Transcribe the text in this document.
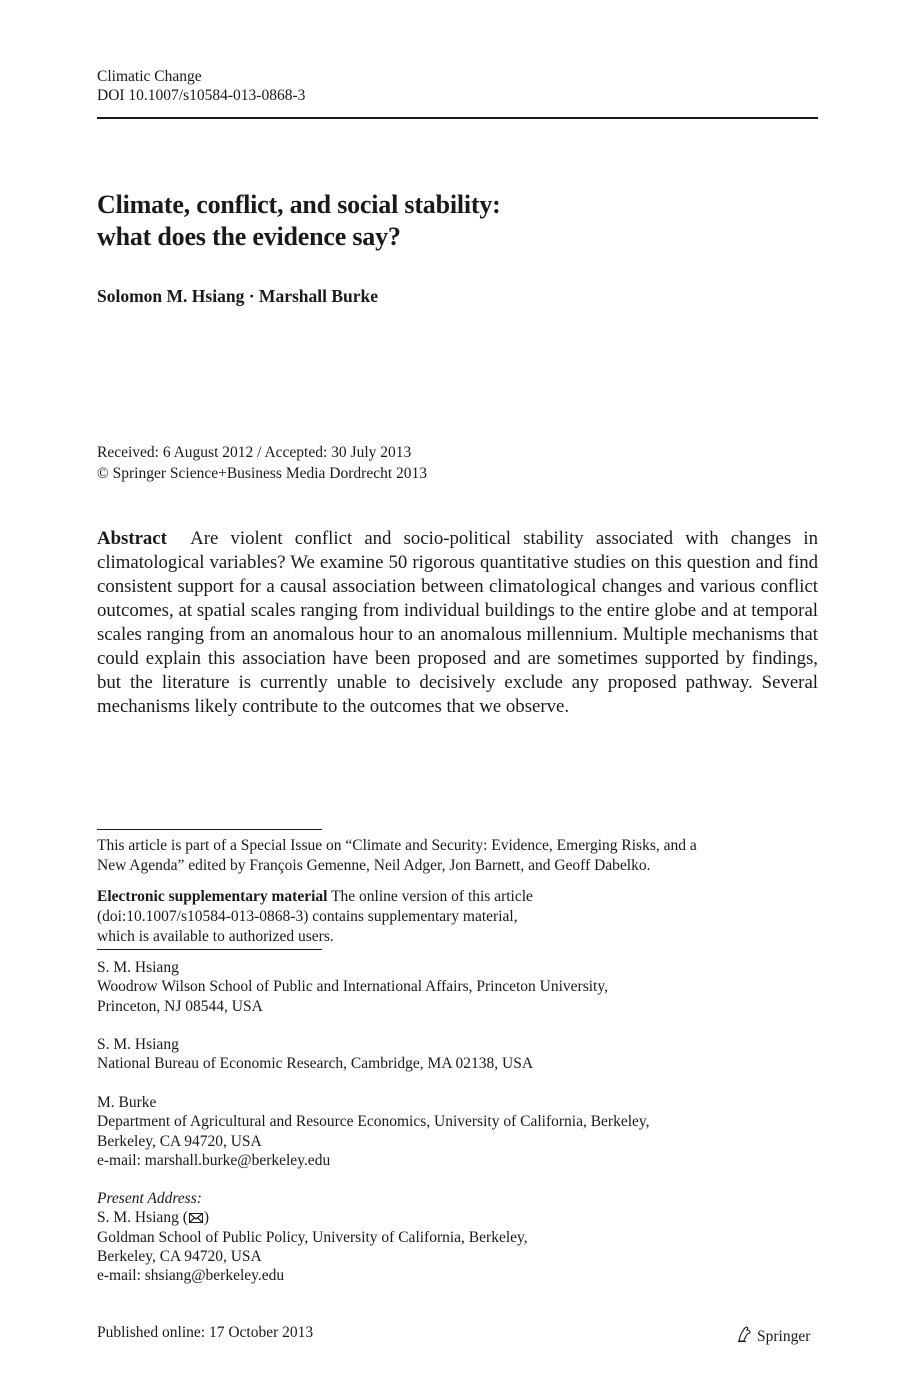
Climatic Change
DOI 10.1007/s10584-013-0868-3
Climate, conflict, and social stability:
what does the evidence say?
Solomon M. Hsiang · Marshall Burke
Received: 6 August 2012 / Accepted: 30 July 2013
© Springer Science+Business Media Dordrecht 2013
Abstract Are violent conflict and socio-political stability associated with changes in climatological variables? We examine 50 rigorous quantitative studies on this question and find consistent support for a causal association between climatological changes and various conflict outcomes, at spatial scales ranging from individual buildings to the entire globe and at temporal scales ranging from an anomalous hour to an anomalous millennium. Multiple mechanisms that could explain this association have been proposed and are sometimes supported by findings, but the literature is currently unable to decisively exclude any proposed pathway. Several mechanisms likely contribute to the outcomes that we observe.
This article is part of a Special Issue on “Climate and Security: Evidence, Emerging Risks, and a
New Agenda” edited by François Gemenne, Neil Adger, Jon Barnett, and Geoff Dabelko.
Electronic supplementary material The online version of this article
(doi:10.1007/s10584-013-0868-3) contains supplementary material,
which is available to authorized users.
S. M. Hsiang
Woodrow Wilson School of Public and International Affairs, Princeton University,
Princeton, NJ 08544, USA
S. M. Hsiang
National Bureau of Economic Research, Cambridge, MA 02138, USA
M. Burke
Department of Agricultural and Resource Economics, University of California, Berkeley,
Berkeley, CA 94720, USA
e-mail: marshall.burke@berkeley.edu
Present Address:
S. M. Hsiang ( )
Goldman School of Public Policy, University of California, Berkeley,
Berkeley, CA 94720, USA
e-mail: shsiang@berkeley.edu
Published online: 17 October 2013	Springer
